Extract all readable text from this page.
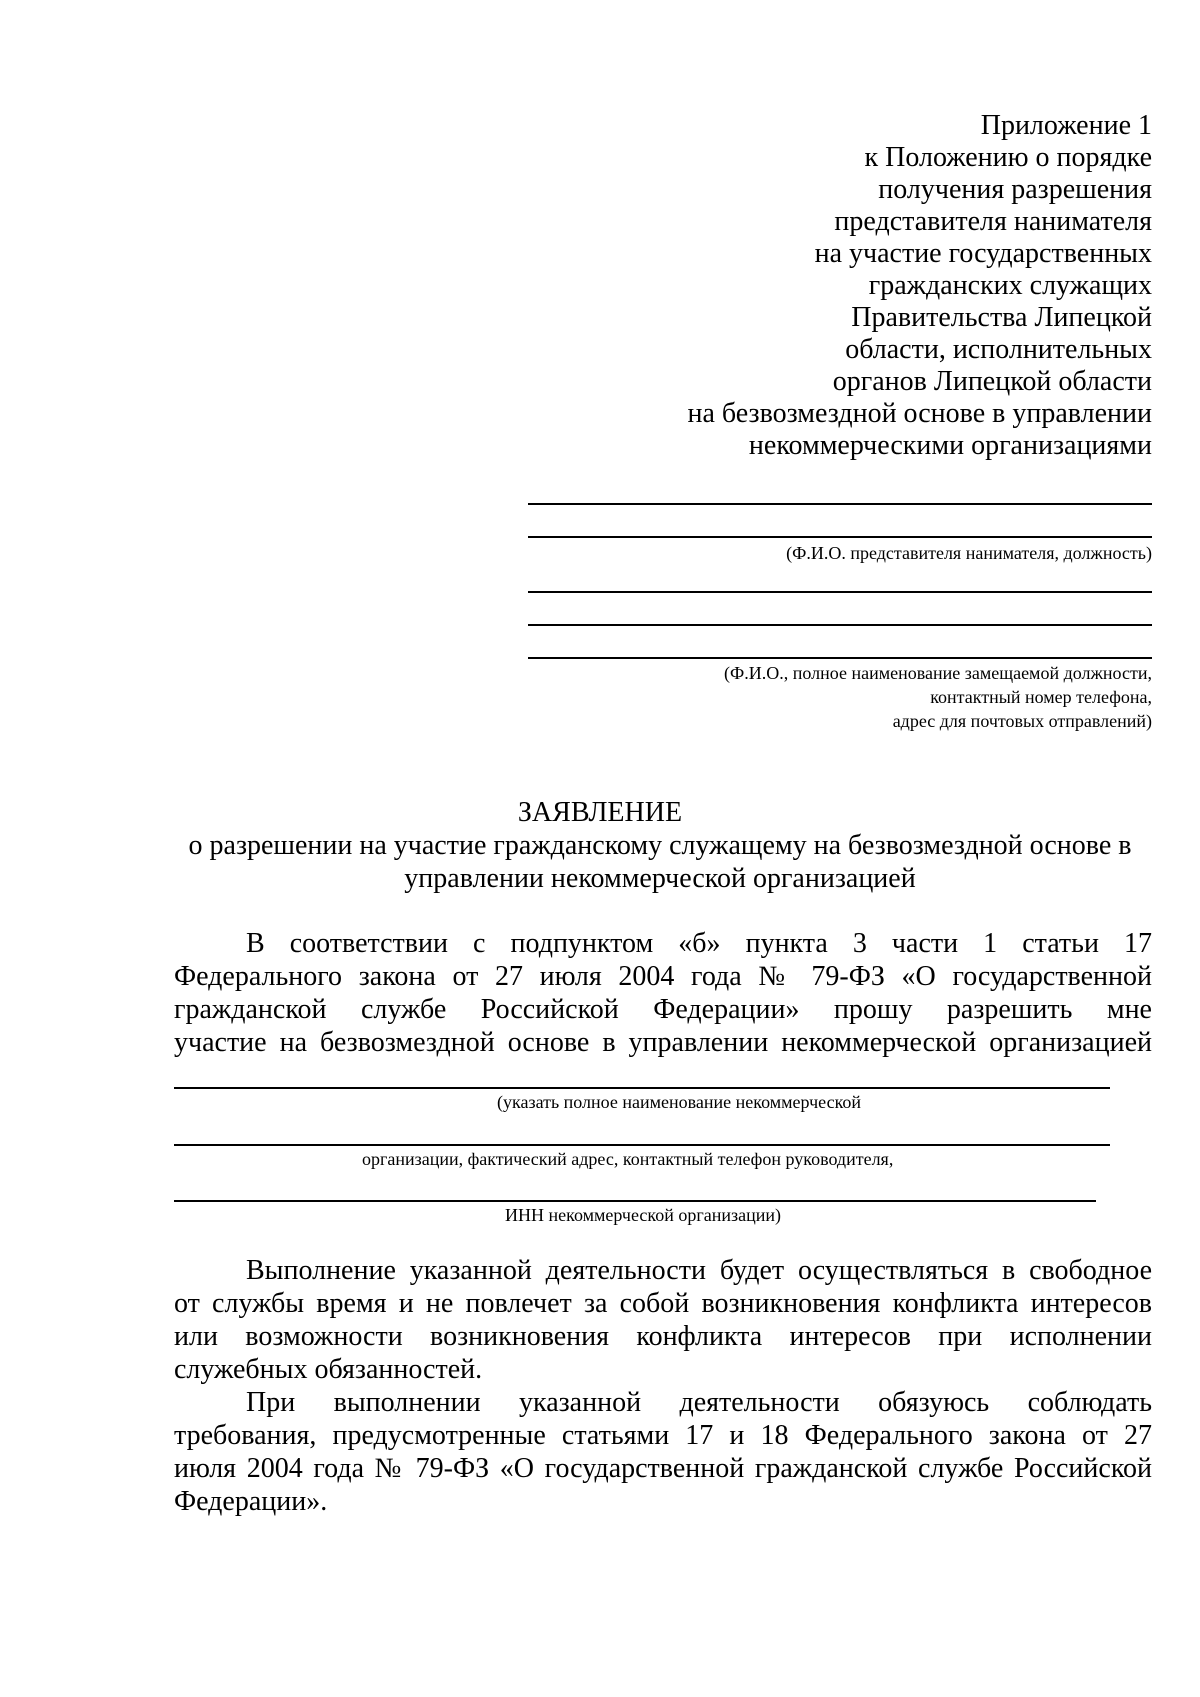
Приложение 1
к Положению о порядке
получения разрешения
представителя нанимателя
на участие государственных
гражданских служащих
Правительства Липецкой
области, исполнительных
органов Липецкой области
на безвозмездной основе в управлении
некоммерческими организациями
(Ф.И.О. представителя нанимателя, должность)
(Ф.И.О., полное наименование замещаемой должности,
контактный номер телефона,
адрес для почтовых отправлений)
ЗАЯВЛЕНИЕ
о разрешении на участие гражданскому служащему на безвозмездной основе в
управлении некоммерческой организацией
В соответствии с подпунктом «б» пункта 3 части 1 статьи 17
Федерального закона от 27 июля 2004 года № 79-ФЗ «О государственной
гражданской службе Российской Федерации» прошу разрешить мне
участие на безвозмездной основе в управлении некоммерческой организацией
(указать полное наименование некоммерческой
организации, фактический адрес, контактный телефон руководителя,
ИНН некоммерческой организации)
Выполнение указанной деятельности будет осуществляться в свободное
от службы время и не повлечет за собой возникновения конфликта интересов
или возможности возникновения конфликта интересов при исполнении
служебных обязанностей.
При выполнении указанной деятельности обязуюсь соблюдать
требования, предусмотренные статьями 17 и 18 Федерального закона от 27
июля 2004 года № 79-ФЗ «О государственной гражданской службе Российской
Федерации».
